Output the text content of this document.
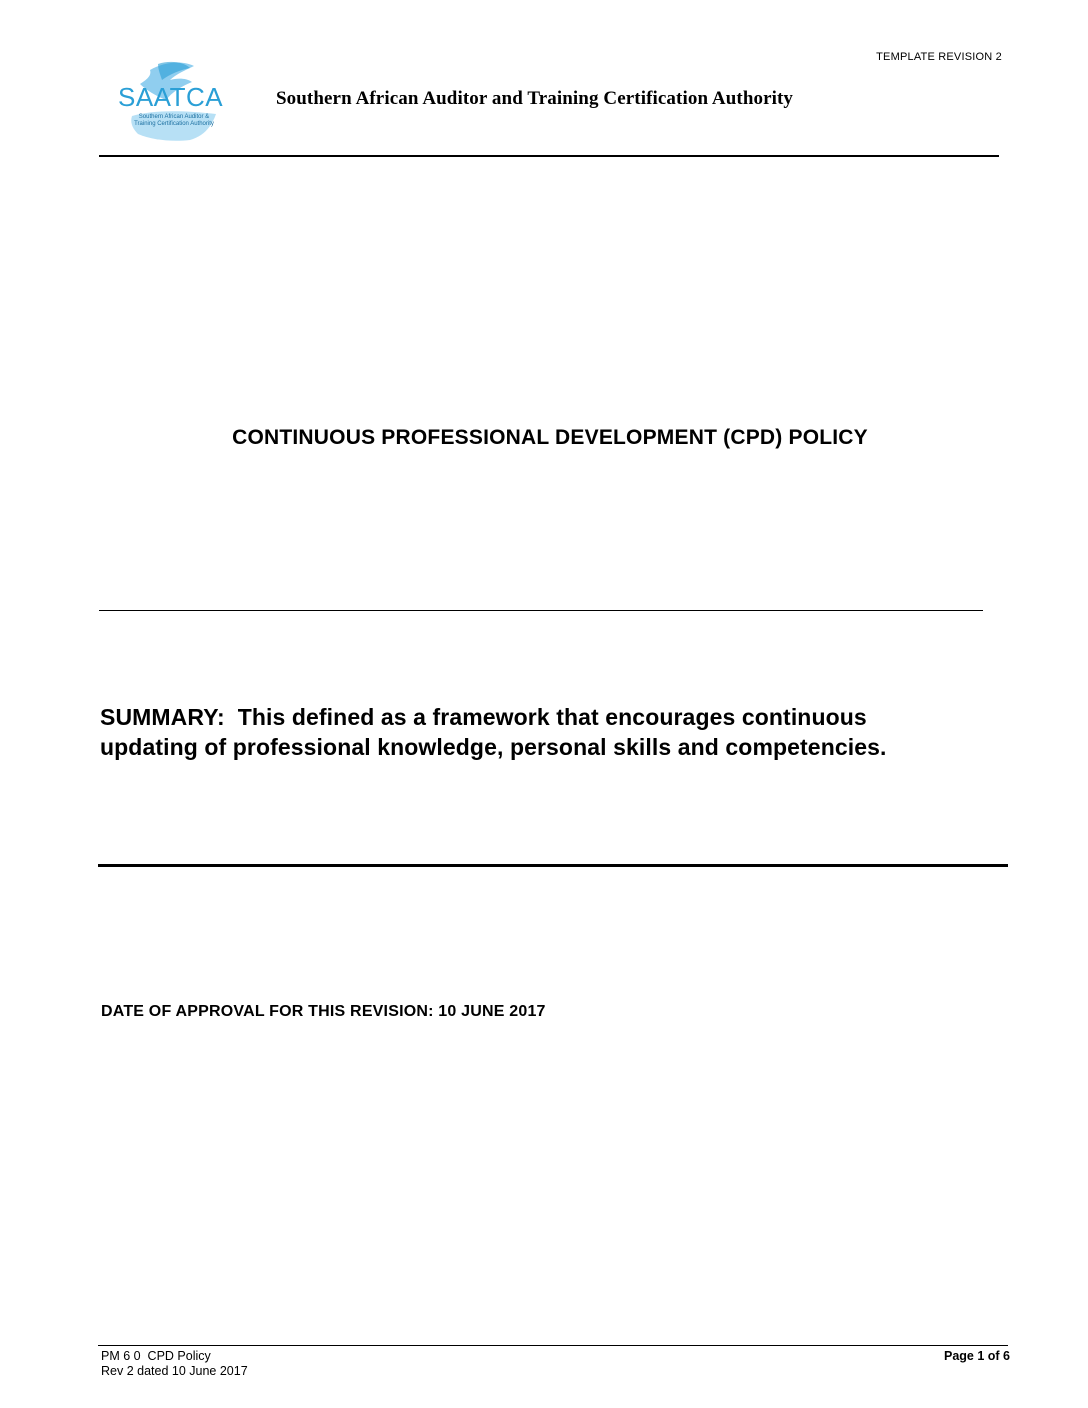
TEMPLATE REVISION 2
SAATCA
Southern African Auditor &
Training Certification Authority
Southern African Auditor and Training Certification Authority
CONTINUOUS PROFESSIONAL DEVELOPMENT (CPD) POLICY
SUMMARY:  This defined as a framework that encourages continuous
updating of professional knowledge, personal skills and competencies.
DATE OF APPROVAL FOR THIS REVISION: 10 JUNE 2017
PM 6 0  CPD Policy
Rev 2 dated 10 June 2017
Page 1 of 6
